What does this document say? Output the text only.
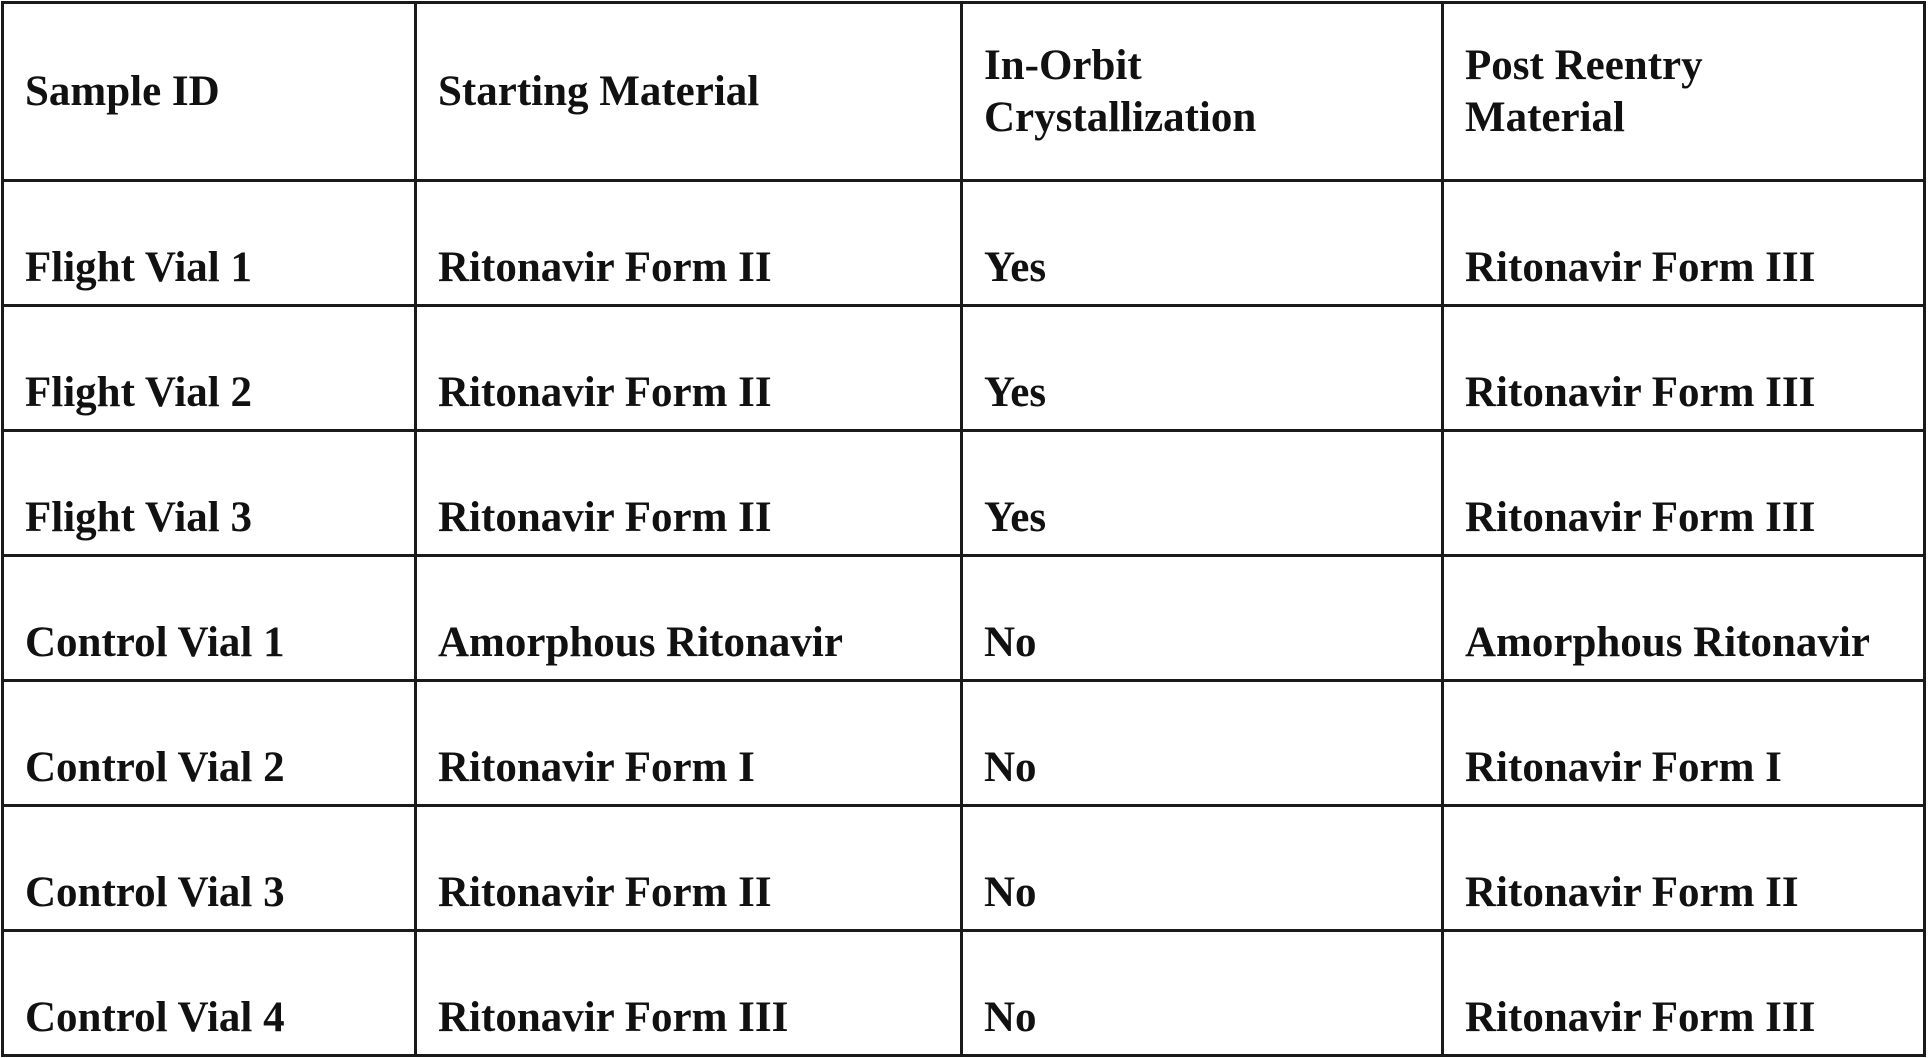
Sample ID	Starting Material	In-Orbit Crystallization	Post Reentry Material

Flight Vial 1	Ritonavir Form II	Yes	Ritonavir Form III
Flight Vial 2	Ritonavir Form II	Yes	Ritonavir Form III
Flight Vial 3	Ritonavir Form II	Yes	Ritonavir Form III
Control Vial 1	Amorphous Ritonavir	No	Amorphous Ritonavir
Control Vial 2	Ritonavir Form I	No	Ritonavir Form I
Control Vial 3	Ritonavir Form II	No	Ritonavir Form II
Control Vial 4	Ritonavir Form III	No	Ritonavir Form III
